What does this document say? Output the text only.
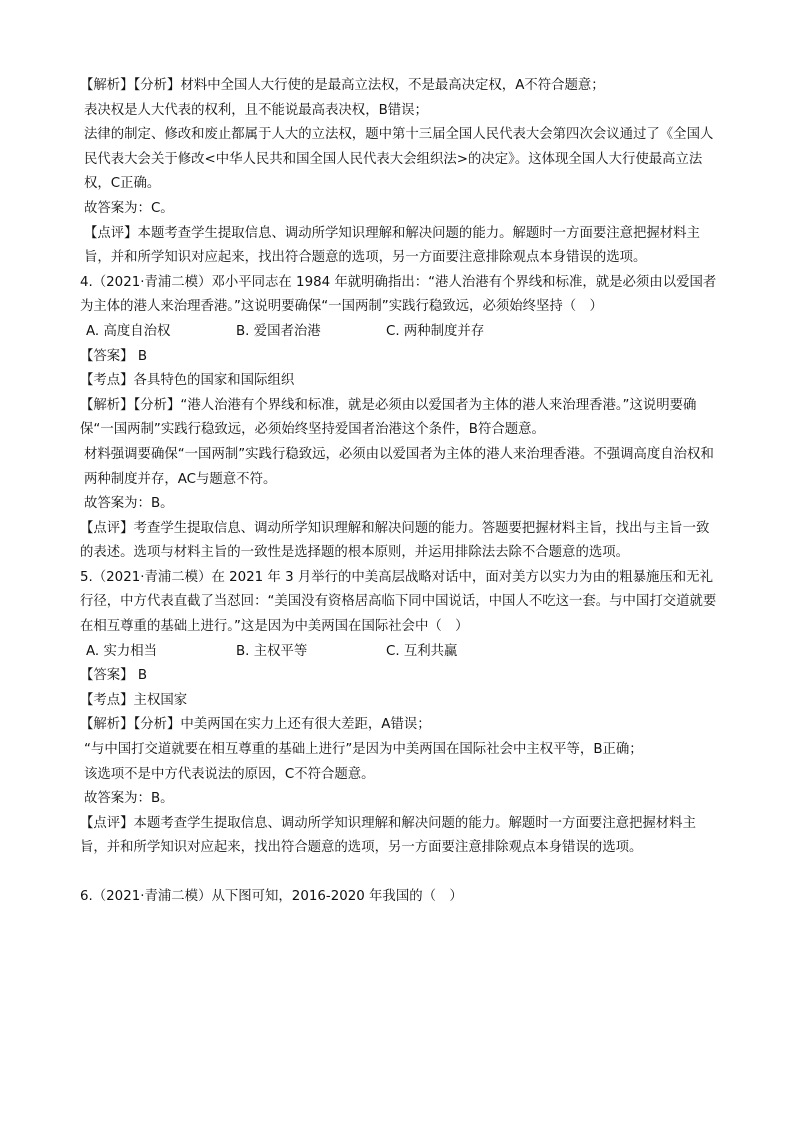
【解析】【分析】材料中全国人大行使的是最高立法权，不是最高决定权，A不符合题意；

表决权是人大代表的权利，且不能说最高表决权，B错误；

法律的制定、修改和废止都属于人大的立法权，题中第十三届全国人民代表大会第四次会议通过了《全国人民代表大会关于修改<中华人民共和国全国人民代表大会组织法>的决定》。这体现全国人大行使最高立法权，C正确。

故答案为：C。

【点评】本题考查学生提取信息、调动所学知识理解和解决问题的能力。解题时一方面要注意把握材料主旨，并和所学知识对应起来，找出符合题意的选项，另一方面要注意排除观点本身错误的选项。

4.（2021·青浦二模）邓小平同志在 1984 年就明确指出：“港人治港有个界线和标准，就是必须由以爱国者为主体的港人来治理香港。”这说明要确保“一国两制”实践行稳致远，必须始终坚持（　）

A. 高度自治权	B. 爱国者治港	C. 两种制度并存

【答案】 B

【考点】各具特色的国家和国际组织

【解析】【分析】“港人治港有个界线和标准，就是必须由以爱国者为主体的港人来治理香港。”这说明要确保“一国两制”实践行稳致远，必须始终坚持爱国者治港这个条件，B符合题意。

材料强调要确保“一国两制”实践行稳致远，必须由以爱国者为主体的港人来治理香港。不强调高度自治权和两种制度并存，AC与题意不符。

故答案为：B。

【点评】考查学生提取信息、调动所学知识理解和解决问题的能力。答题要把握材料主旨，找出与主旨一致的表述。选项与材料主旨的一致性是选择题的根本原则，并运用排除法去除不合题意的选项。

5.（2021·青浦二模）在 2021 年 3 月举行的中美高层战略对话中，面对美方以实力为由的粗暴施压和无礼行径，中方代表直截了当怼回：“美国没有资格居高临下同中国说话，中国人不吃这一套。与中国打交道就要在相互尊重的基础上进行。”这是因为中美两国在国际社会中（　）

A. 实力相当	B. 主权平等	C. 互利共赢

【答案】 B

【考点】主权国家

【解析】【分析】中美两国在实力上还有很大差距，A错误；

“与中国打交道就要在相互尊重的基础上进行”是因为中美两国在国际社会中主权平等，B正确；

该选项不是中方代表说法的原因，C不符合题意。

故答案为：B。

【点评】本题考查学生提取信息、调动所学知识理解和解决问题的能力。解题时一方面要注意把握材料主旨，并和所学知识对应起来，找出符合题意的选项，另一方面要注意排除观点本身错误的选项。

6.（2021·青浦二模）从下图可知，2016-2020 年我国的（　）
